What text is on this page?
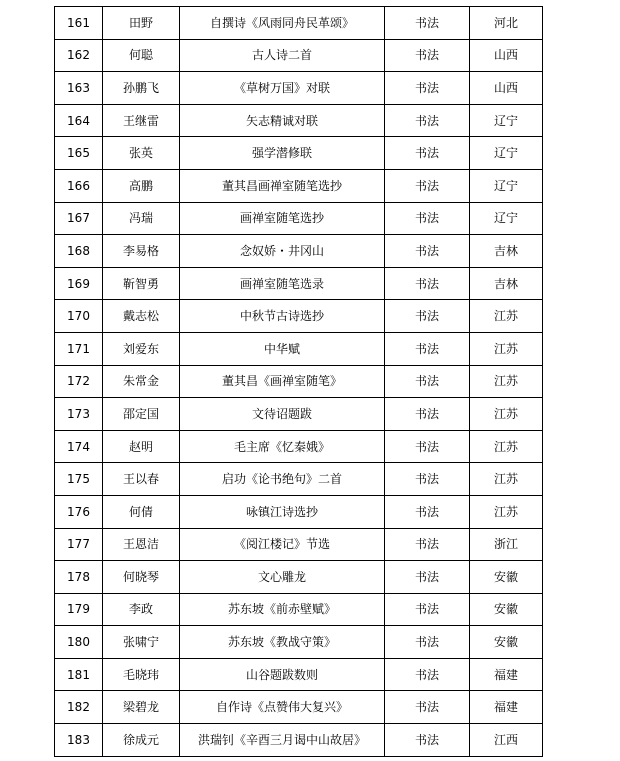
161	田野	自撰诗《风雨同舟民革颂》	书法	河北
162	何聪	古人诗二首	书法	山西
163	孙鹏飞	《草树万国》对联	书法	山西
164	王继雷	矢志精诚对联	书法	辽宁
165	张英	强学潜修联	书法	辽宁
166	高鹏	董其昌画禅室随笔选抄	书法	辽宁
167	冯瑞	画禅室随笔选抄	书法	辽宁
168	李易格	念奴娇・井冈山	书法	吉林
169	靳智勇	画禅室随笔选录	书法	吉林
170	戴志松	中秋节古诗选抄	书法	江苏
171	刘爱东	中华赋	书法	江苏
172	朱常金	董其昌《画禅室随笔》	书法	江苏
173	邵定国	文待诏题跋	书法	江苏
174	赵明	毛主席《忆秦娥》	书法	江苏
175	王以春	启功《论书绝句》二首	书法	江苏
176	何倩	咏镇江诗选抄	书法	江苏
177	王恩洁	《阅江楼记》节选	书法	浙江
178	何晓琴	文心雕龙	书法	安徽
179	李政	苏东坡《前赤壁赋》	书法	安徽
180	张啸宁	苏东坡《教战守策》	书法	安徽
181	毛晓玮	山谷题跋数则	书法	福建
182	梁碧龙	自作诗《点赞伟大复兴》	书法	福建
183	徐成元	洪瑞钊《辛酉三月谒中山故居》	书法	江西
